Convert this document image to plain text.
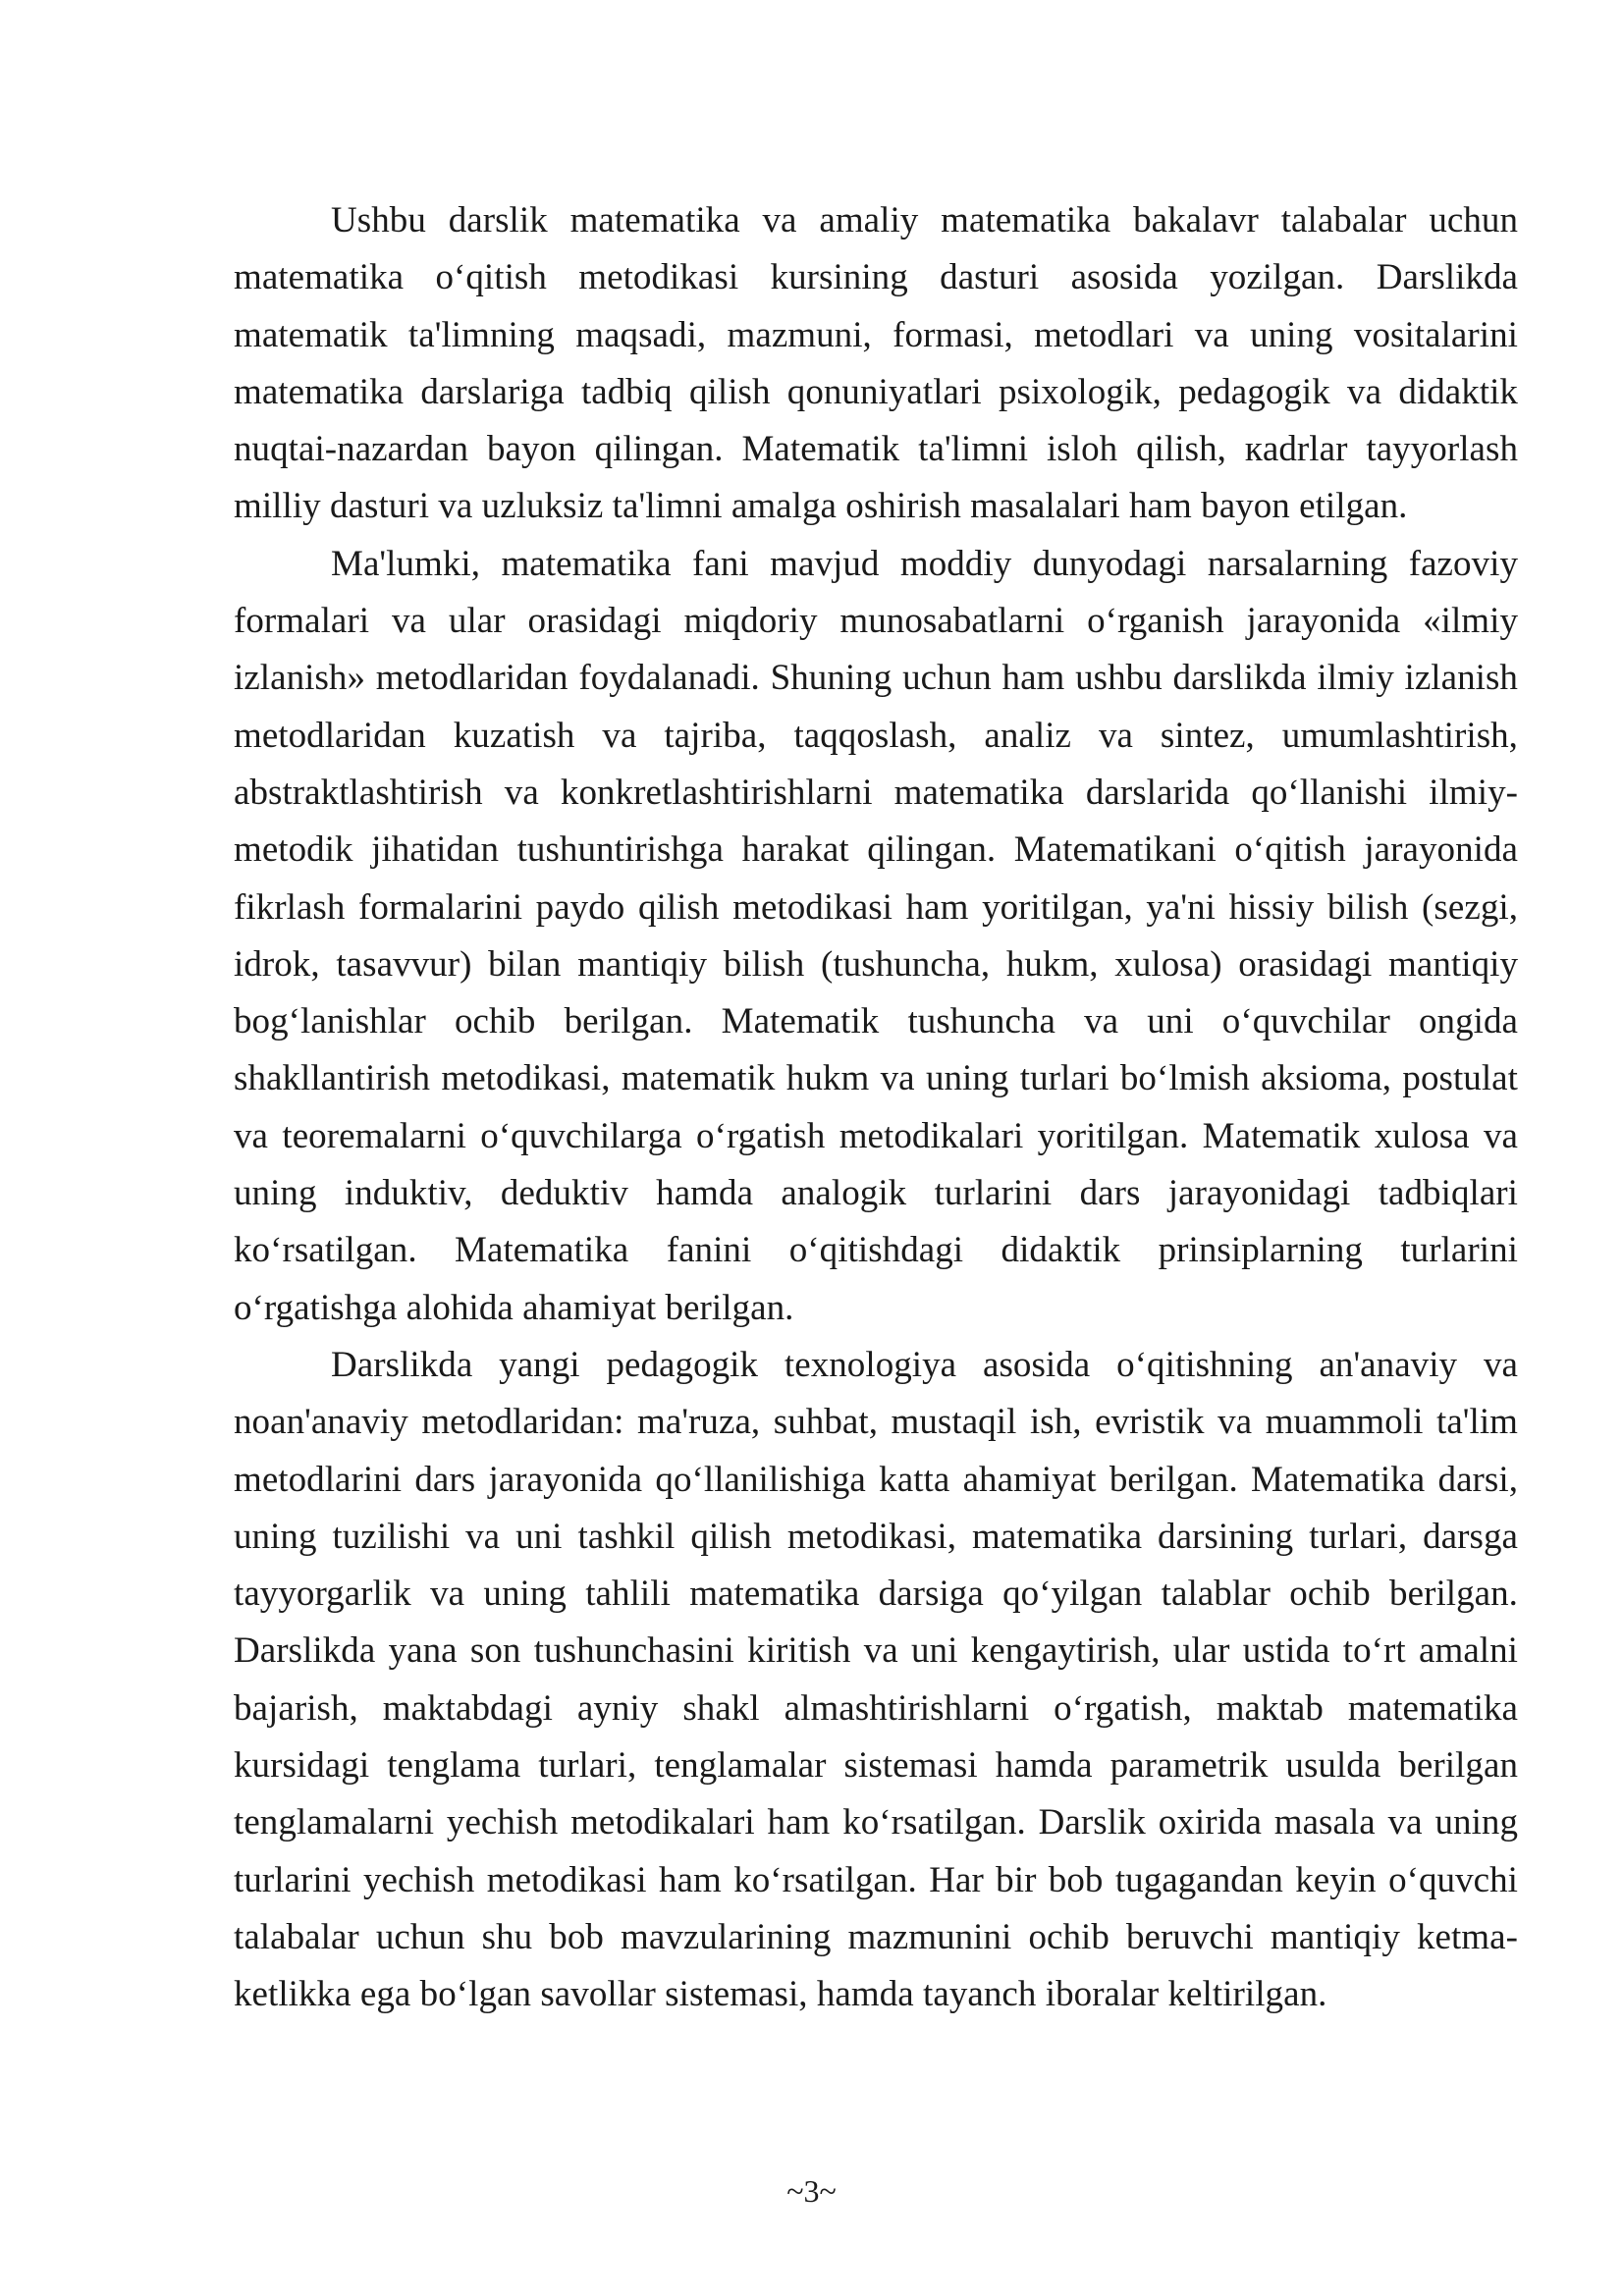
Ushbu darslik matematika va amaliy matematika bakalavr talabalar uchun matematika o‘qitish metodikasi kursining dasturi asosida yozilgan. Darslikda matematik ta'limning maqsadi, mazmuni, formasi, metodlari va uning vositalarini matematika darslariga tadbiq qilish qonuniyatlari psixologik, pedagogik va didaktik nuqtai-nazardan bayon qilingan. Matematik ta'limni isloh qilish, кadrlar tayyorlash milliy dasturi va uzluksiz ta'limni amalga oshirish masalalari ham bayon etilgan.

Ma'lumki, matematika fani mavjud moddiy dunyodagi narsalarning fazoviy formalari va ular orasidagi miqdoriy munosabatlarni o‘rganish jarayonida «ilmiy izlanish» metodlaridan foydalanadi. Shuning uchun ham ushbu darslikda ilmiy izlanish metodlaridan kuzatish va tajriba, taqqoslash, analiz va sintez, umumlashtirish, abstraktlashtirish va konkretlashtirishlarni matematika darslarida qo‘llanishi ilmiy-metodik jihatidan tushuntirishga harakat qilingan. Matematikani o‘qitish jarayonida fikrlash formalarini paydo qilish metodikasi ham yoritilgan, ya'ni hissiy bilish (sezgi, idrok, tasavvur) bilan mantiqiy bilish (tushuncha, hukm, xulosa) orasidagi mantiqiy bog‘lanishlar ochib berilgan. Matematik tushuncha va uni o‘quvchilar ongida shakllantirish metodikasi, matematik hukm va uning turlari bo‘lmish aksioma, postulat va teoremalarni o‘quvchilarga o‘rgatish metodikalari yoritilgan. Matematik xulosa va uning induktiv, deduktiv hamda analogik turlarini dars jarayonidagi tadbiqlari ko‘rsatilgan. Matematika fanini o‘qitishdagi didaktik prinsiplarning turlarini o‘rgatishga alohida ahamiyat berilgan.

Darslikda yangi pedagogik texnologiya asosida o‘qitishning an'anaviy va noan'anaviy metodlaridan: ma'ruza, suhbat, mustaqil ish, evristik va muammoli ta'lim metodlarini dars jarayonida qo‘llanilishiga katta ahamiyat berilgan. Matematika darsi, uning tuzilishi va uni tashkil qilish metodikasi, matematika darsining turlari, darsga tayyorgarlik va uning tahlili matematika darsiga qo‘yilgan talablar ochib berilgan. Darslikda yana son tushunchasini kiritish va uni kengaytirish, ular ustida to‘rt amalni bajarish, maktabdagi ayniy shakl almashtirishlarni o‘rgatish, maktab matematika kursidagi tenglama turlari, tenglamalar sistemasi hamda parametrik usulda berilgan tenglamalarni yechish metodikalari ham ko‘rsatilgan. Darslik oxirida masala va uning turlarini yechish metodikasi ham ko‘rsatilgan. Har bir bob tugagandan keyin o‘quvchi talabalar uchun shu bob mavzularining mazmunini ochib beruvchi mantiqiy ketma-ketlikka ega bo‘lgan savollar sistemasi, hamda tayanch iboralar keltirilgan.

~3~
